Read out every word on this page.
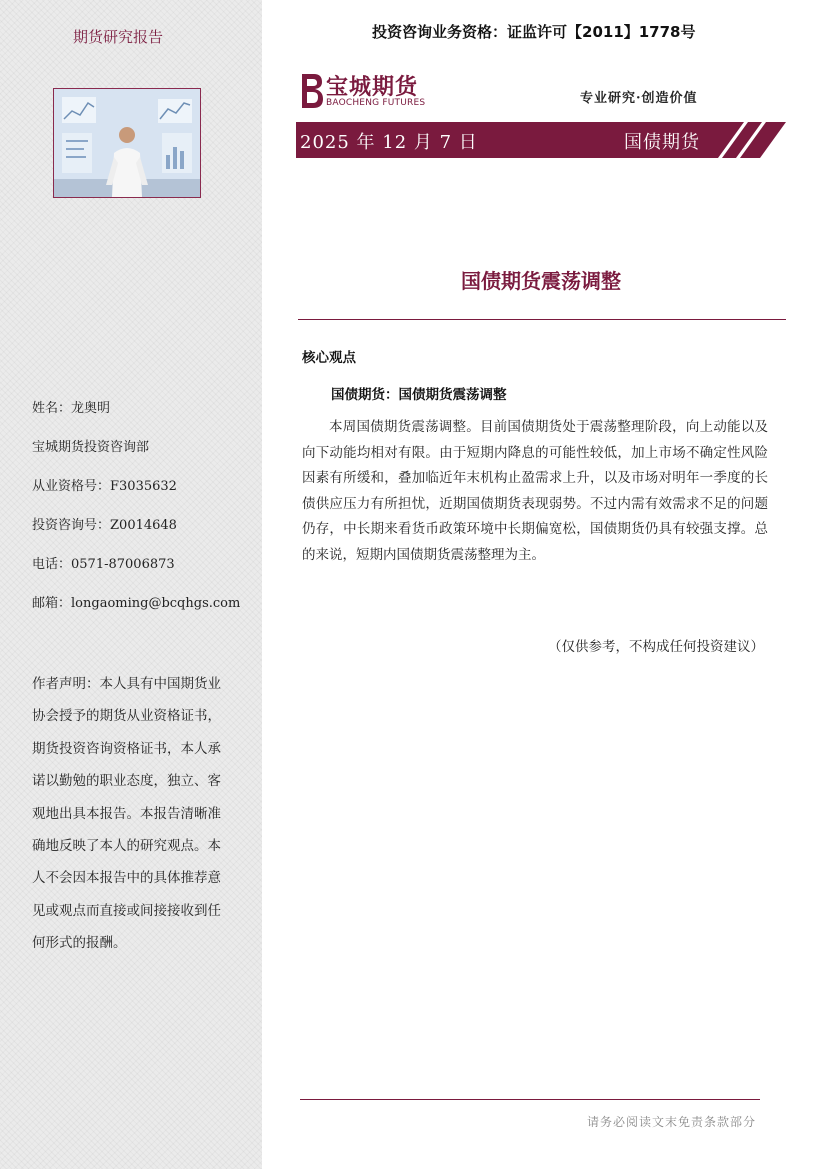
期货研究报告
姓名：龙奥明
宝城期货投资咨询部
从业资格号：F3035632
投资咨询号：Z0014648
电话：0571-87006873
邮箱：longaoming@bcqhgs.com
作者声明：本人具有中国期货业协会授予的期货从业资格证书，期货投资咨询资格证书，本人承诺以勤勉的职业态度，独立、客观地出具本报告。本报告清晰准确地反映了本人的研究观点。本人不会因本报告中的具体推荐意见或观点而直接或间接接收到任何形式的报酬。
投资咨询业务资格：证监许可【2011】1778号
宝城期货
BAOCHENG FUTURES	专业研究·创造价值
2025 年 12 月 7 日	国债期货
国债期货震荡调整
核心观点
国债期货：国债期货震荡调整
本周国债期货震荡调整。目前国债期货处于震荡整理阶段，向上动能以及向下动能均相对有限。由于短期内降息的可能性较低，加上市场不确定性风险因素有所缓和，叠加临近年末机构止盈需求上升，以及市场对明年一季度的长债供应压力有所担忧，近期国债期货表现弱势。不过内需有效需求不足的问题仍存，中长期来看货币政策环境中长期偏宽松，国债期货仍具有较强支撑。总的来说，短期内国债期货震荡整理为主。
（仅供参考，不构成任何投资建议）
请务必阅读文末免责条款部分
